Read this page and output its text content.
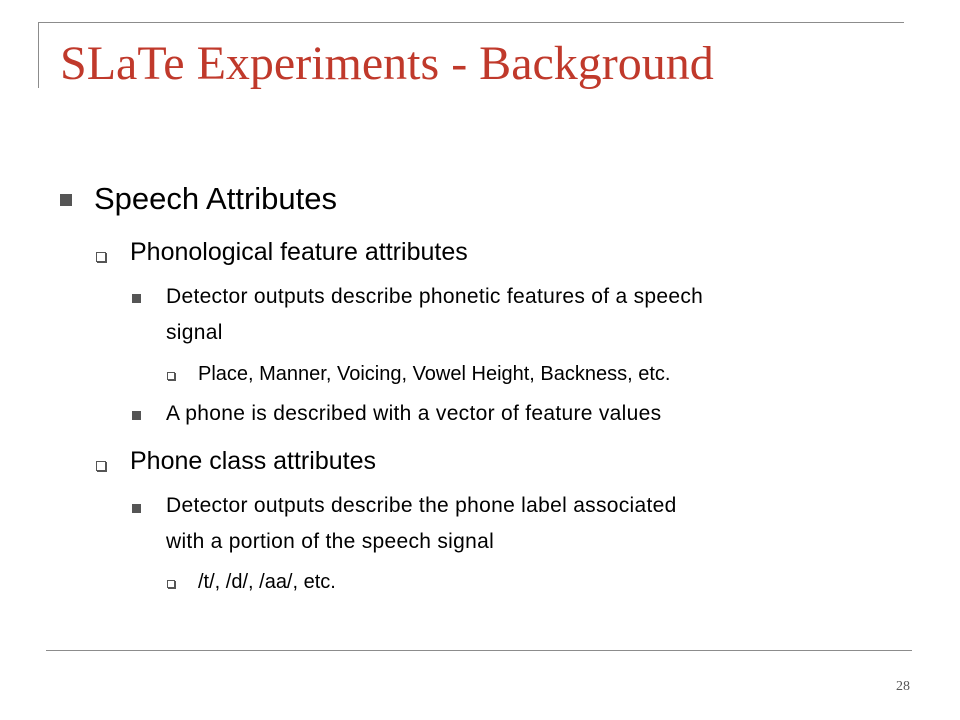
SLaTe Experiments - Background
Speech Attributes
Phonological feature attributes
Detector outputs describe phonetic features of a speech
signal
Place, Manner, Voicing, Vowel Height, Backness, etc.
A phone is described with a vector of feature values
Phone class attributes
Detector outputs describe the phone label associated
with a portion of the speech signal
/t/, /d/, /aa/, etc.
28
